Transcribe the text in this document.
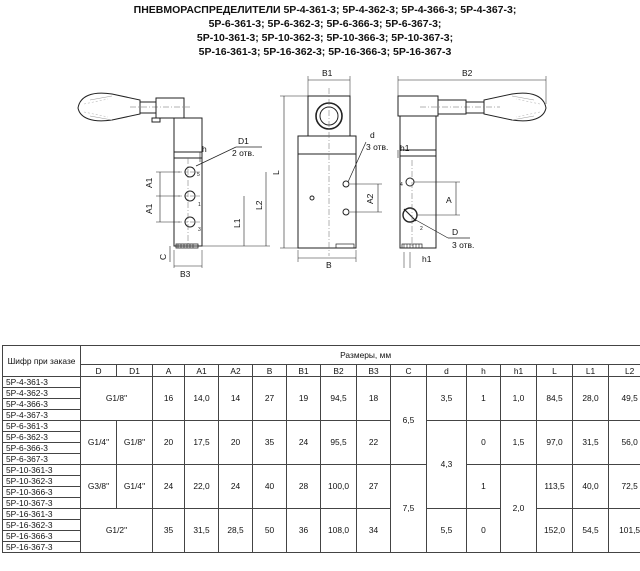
ПНЕВМОРАСПРЕДЕЛИТЕЛИ 5Р-4-361-3; 5Р-4-362-3; 5Р-4-366-3; 5Р-4-367-3;
5Р-6-361-3; 5Р-6-362-3; 5Р-6-366-3; 5Р-6-367-3;
5Р-10-361-3; 5Р-10-362-3; 5Р-10-366-3; 5Р-10-367-3;
5Р-16-361-3; 5Р-16-362-3; 5Р-16-366-3; 5Р-16-367-3
D1
2 отв.
h
5
1
3
A1
A1
L1
L2
C
B3
B1
L
B
A2
d
3 отв.
4
2
B2
h1
A
D
3 отв.
h1
Шифр при заказе	Размеры, мм															
	D	D1	A	A1	A2	B	B1	B2	B3	C	d	h	h1	L	L1	L2
5Р-4-361-3	G1/8"		16	14,0	14	27	19	94,5	18	6,5	3,5	1	1,0	84,5	28,0	49,5
5Р-4-362-3																
5Р-4-366-3																
5Р-4-367-3																
5Р-6-361-3	G1/4"	G1/8"	20	17,5	20	35	24	95,5	22		4,3	0	1,5	97,0	31,5	56,0
5Р-6-362-3																
5Р-6-366-3																
5Р-6-367-3																
5Р-10-361-3	G3/8"	G1/4"	24	22,0	24	40	28	100,0	27	7,5		1	2,0	113,5	40,0	72,5
5Р-10-362-3																
5Р-10-366-3																
5Р-10-367-3																
5Р-16-361-3	G1/2"		35	31,5	28,5	50	36	108,0	34		5,5	0		152,0	54,5	101,5
5Р-16-362-3																
5Р-16-366-3																
5Р-16-367-3																
